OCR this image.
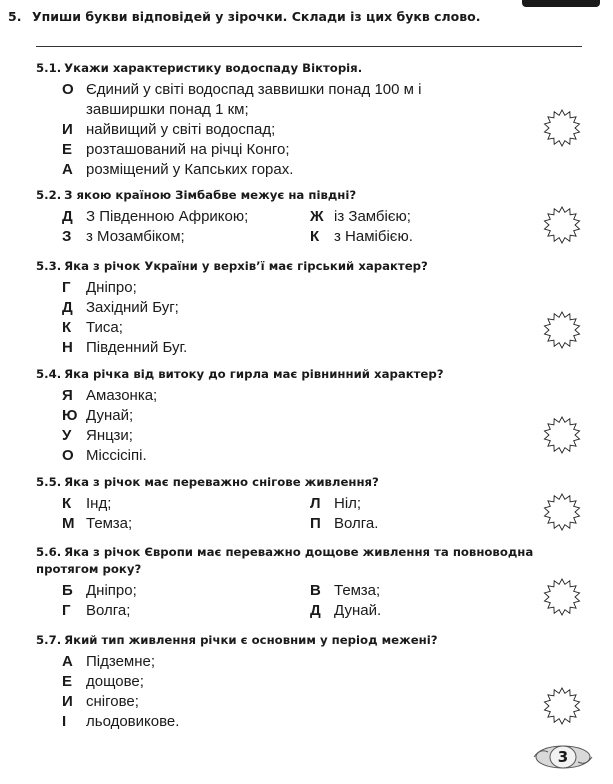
5. Упиши букви відповідей у зірочки. Склади із цих букв слово.
5.1. Укажи характеристику водоспаду Вікторія.
О Єдиний у світі водоспад заввишки понад 100 м і завширшки понад 1 км;
И найвищий у світі водоспад;
Е розташований на річці Конго;
А розміщений у Капських горах.
5.2. З якою країною Зімбабве межує на півдні?
Д З Південною Африкою;	Ж із Замбією;
З з Мозамбіком;	К з Намібією.
5.3. Яка з річок України у верхів’ї має гірський характер?
Г	Дніпро;
Д Західний Буг;
К Тиса;
Н Південний Буг.
5.4. Яка річка від витоку до гирла має рівнинний характер?
Я Амазонка;
Ю Дунай;
У Янцзи;
О Міссісіпі.
5.5. Яка з річок має переважно снігове живлення?
К Інд;	Л Ніл;
М Темза;	П Волга.
5.6. Яка з річок Європи має переважно дощове живлення та повноводна протягом року?
Б Дніпро;	В Темза;
Г	Волга;	Д Дунай.
5.7. Який тип живлення річки є основним у період межені?
А Підземне;
Е дощове;
И снігове;
І	льодовикове.
3
